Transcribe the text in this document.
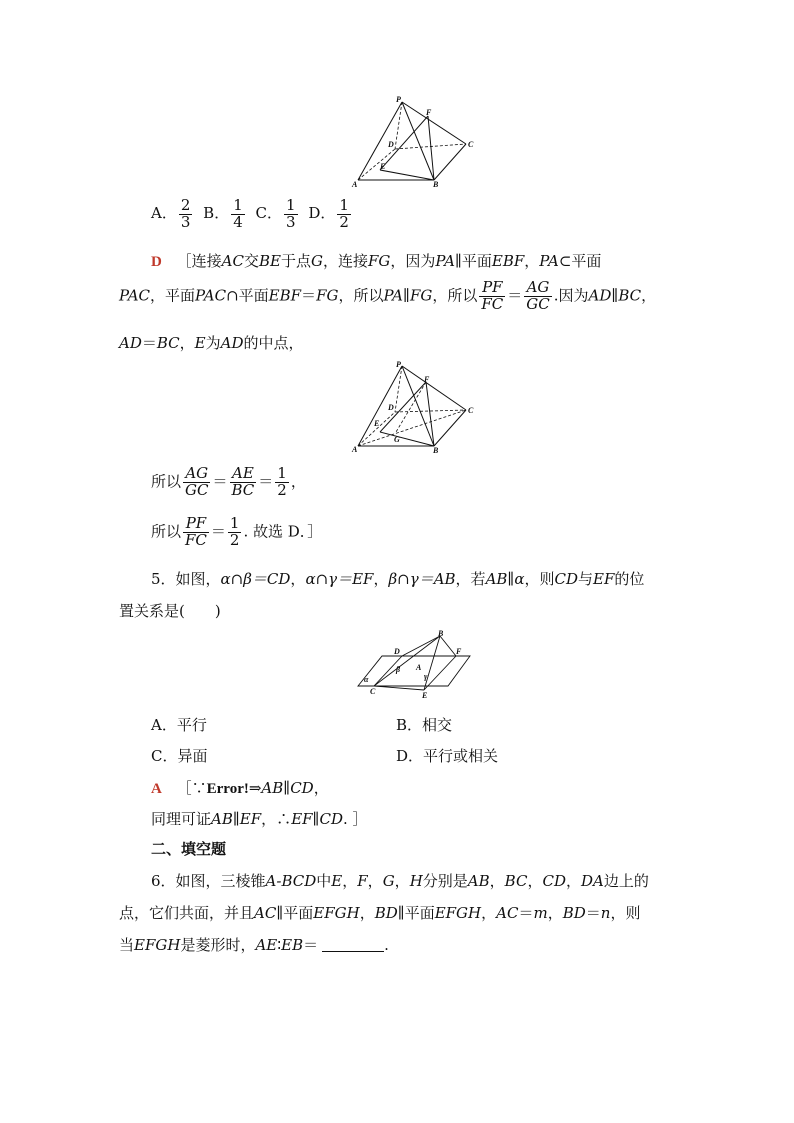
P
F
C
D
E
A	B
A． $\frac{2}{3}$ B． $\frac{1}{4}$ C． $\frac{1}{3}$ D． $\frac{1}{2}$
D ［连接AC交BE于点G，连接FG，因为PA∥平面EBF，PA⊂平面
PAC，平面PAC∩平面EBF＝FG，所以PA∥FG，所以 $\frac{PF}{FC} = \frac{AG}{GC}$ .因为AD∥BC，
AD＝BC，E为AD的中点，
P
F
C
D
E
G
A	B
所以 $\frac{AG}{GC} = \frac{AE}{BC} = \frac{1}{2}$ ，
所以 $\frac{PF}{FC} = \frac{1}{2}$ . 故选 D．］
5．如图，α∩β＝CD，α∩γ＝EF，β∩γ＝AB，若AB∥α，则CD与EF的位
置关系是(　　)
D
B
F
β A
γ
α
C	E
A．平行	B．相交
C．异面	D．平行或相关
A ［∵Error!⇒AB∥CD，
同理可证AB∥EF，∴EF∥CD. ］
二、填空题
6．如图，三棱锥A-BCD中E，F，G，H分别是AB，BC，CD，DA边上的
点，它们共面，并且AC∥平面EFGH，BD∥平面EFGH，AC＝m，BD＝n，则
当EFGH是菱形时，AE∶EB＝	.
